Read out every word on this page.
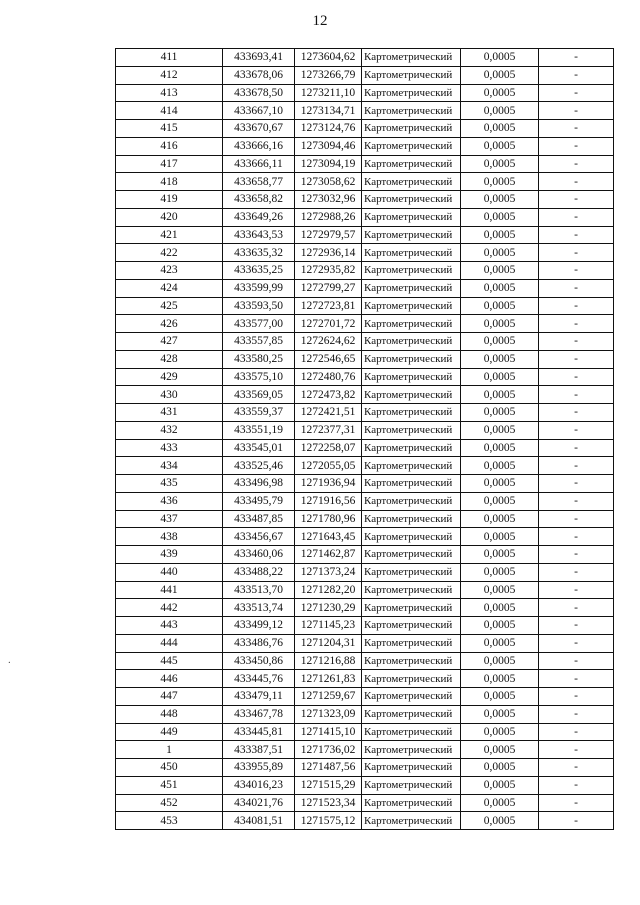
12
.
411	433693,41	1273604,62	Картометрический	0,0005	-
412	433678,06	1273266,79	Картометрический	0,0005	-
413	433678,50	1273211,10	Картометрический	0,0005	-
414	433667,10	1273134,71	Картометрический	0,0005	-
415	433670,67	1273124,76	Картометрический	0,0005	-
416	433666,16	1273094,46	Картометрический	0,0005	-
417	433666,11	1273094,19	Картометрический	0,0005	-
418	433658,77	1273058,62	Картометрический	0,0005	-
419	433658,82	1273032,96	Картометрический	0,0005	-
420	433649,26	1272988,26	Картометрический	0,0005	-
421	433643,53	1272979,57	Картометрический	0,0005	-
422	433635,32	1272936,14	Картометрический	0,0005	-
423	433635,25	1272935,82	Картометрический	0,0005	-
424	433599,99	1272799,27	Картометрический	0,0005	-
425	433593,50	1272723,81	Картометрический	0,0005	-
426	433577,00	1272701,72	Картометрический	0,0005	-
427	433557,85	1272624,62	Картометрический	0,0005	-
428	433580,25	1272546,65	Картометрический	0,0005	-
429	433575,10	1272480,76	Картометрический	0,0005	-
430	433569,05	1272473,82	Картометрический	0,0005	-
431	433559,37	1272421,51	Картометрический	0,0005	-
432	433551,19	1272377,31	Картометрический	0,0005	-
433	433545,01	1272258,07	Картометрический	0,0005	-
434	433525,46	1272055,05	Картометрический	0,0005	-
435	433496,98	1271936,94	Картометрический	0,0005	-
436	433495,79	1271916,56	Картометрический	0,0005	-
437	433487,85	1271780,96	Картометрический	0,0005	-
438	433456,67	1271643,45	Картометрический	0,0005	-
439	433460,06	1271462,87	Картометрический	0,0005	-
440	433488,22	1271373,24	Картометрический	0,0005	-
441	433513,70	1271282,20	Картометрический	0,0005	-
442	433513,74	1271230,29	Картометрический	0,0005	-
443	433499,12	1271145,23	Картометрический	0,0005	-
444	433486,76	1271204,31	Картометрический	0,0005	-
445	433450,86	1271216,88	Картометрический	0,0005	-
446	433445,76	1271261,83	Картометрический	0,0005	-
447	433479,11	1271259,67	Картометрический	0,0005	-
448	433467,78	1271323,09	Картометрический	0,0005	-
449	433445,81	1271415,10	Картометрический	0,0005	-
1	433387,51	1271736,02	Картометрический	0,0005	-
450	433955,89	1271487,56	Картометрический	0,0005	-
451	434016,23	1271515,29	Картометрический	0,0005	-
452	434021,76	1271523,34	Картометрический	0,0005	-
453	434081,51	1271575,12	Картометрический	0,0005	-
